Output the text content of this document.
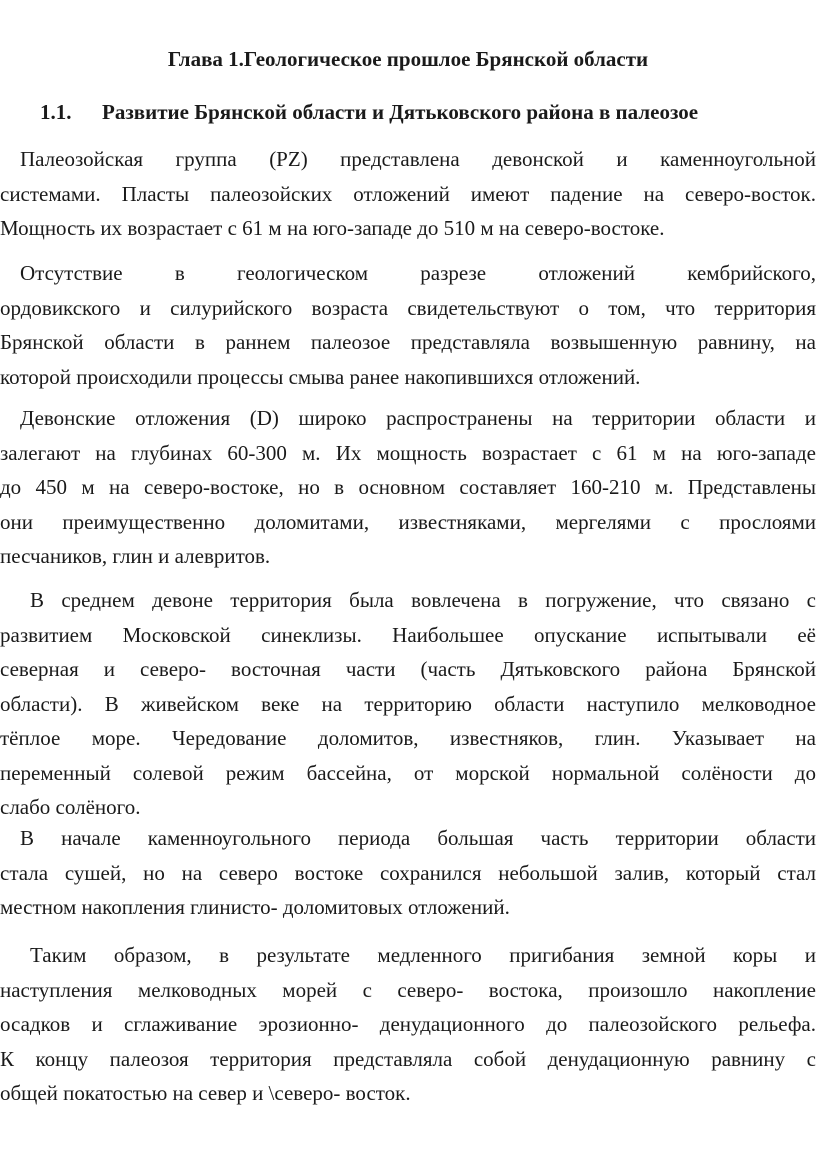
Глава 1.Геологическое прошлое Брянской области
1.1. Развитие Брянской области и Дятьковского района в палеозое
Палеозойская группа (PZ) представлена девонской и каменноугольной
системами. Пласты палеозойских отложений имеют падение на северо-восток.
Мощность их возрастает с 61 м на юго-западе до 510 м на северо-востоке.
Отсутствие в геологическом разрезе отложений кембрийского,
ордовикского и силурийского возраста свидетельствуют о том, что территория
Брянской области в раннем палеозое представляла возвышенную равнину, на
которой происходили процессы смыва ранее накопившихся отложений.
Девонские отложения (D) широко распространены на территории области и
залегают на глубинах 60-300 м. Их мощность возрастает с 61 м на юго-западе
до 450 м на северо-востоке, но в основном составляет 160-210 м. Представлены
они преимущественно доломитами, известняками, мергелями с прослоями
песчаников, глин и алевритов.
В среднем девоне территория была вовлечена в погружение, что связано с
развитием Московской синеклизы. Наибольшее опускание испытывали её
северная и северо- восточная части (часть Дятьковского района Брянской
области). В живейском веке на территорию области наступило мелководное
тёплое море. Чередование доломитов, известняков, глин. Указывает на
переменный солевой режим бассейна, от морской нормальной солёности до
слабо солёного.
В начале каменноугольного периода большая часть территории области
стала сушей, но на северо востоке сохранился небольшой залив, который стал
местном накопления глинисто- доломитовых отложений.
Таким образом, в результате медленного пригибания земной коры и
наступления мелководных морей с северо- востока, произошло накопление
осадков и сглаживание эрозионно- денудационного до палеозойского рельефа.
К концу палеозоя территория представляла собой денудационную равнину с
общей покатостью на север и \северо- восток.
